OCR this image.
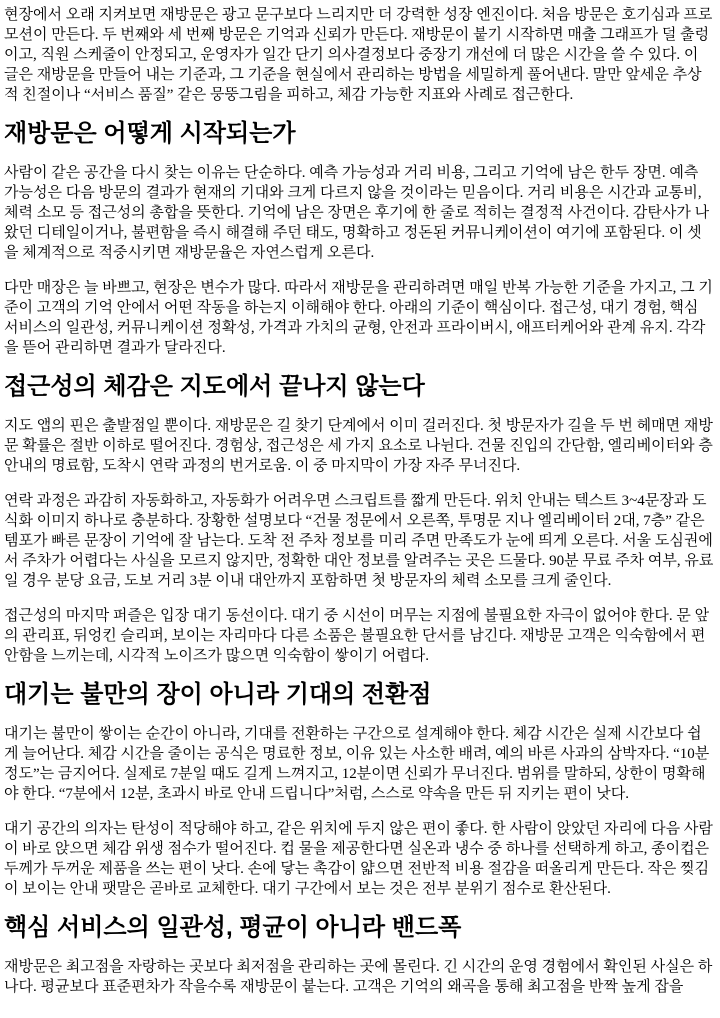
현장에서 오래 지켜보면 재방문은 광고 문구보다 느리지만 더 강력한 성장 엔진이다. 처음 방문은 호기심과 프로모션이 만든다. 두 번째와 세 번째 방문은 기억과 신뢰가 만든다. 재방문이 붙기 시작하면 매출 그래프가 덜 출렁이고, 직원 스케줄이 안정되고, 운영자가 일간 단기 의사결정보다 중장기 개선에 더 많은 시간을 쓸 수 있다. 이 글은 재방문을 만들어 내는 기준과, 그 기준을 현실에서 관리하는 방법을 세밀하게 풀어낸다. 말만 앞세운 추상적 친절이나 “서비스 품질” 같은 뭉뚱그림을 피하고, 체감 가능한 지표와 사례로 접근한다.

재방문은 어떻게 시작되는가

사람이 같은 공간을 다시 찾는 이유는 단순하다. 예측 가능성과 거리 비용, 그리고 기억에 남은 한두 장면. 예측 가능성은 다음 방문의 결과가 현재의 기대와 크게 다르지 않을 것이라는 믿음이다. 거리 비용은 시간과 교통비, 체력 소모 등 접근성의 총합을 뜻한다. 기억에 남은 장면은 후기에 한 줄로 적히는 결정적 사건이다. 감탄사가 나왔던 디테일이거나, 불편함을 즉시 해결해 주던 태도, 명확하고 정돈된 커뮤니케이션이 여기에 포함된다. 이 셋을 체계적으로 적중시키면 재방문율은 자연스럽게 오른다.

다만 매장은 늘 바쁘고, 현장은 변수가 많다. 따라서 재방문을 관리하려면 매일 반복 가능한 기준을 가지고, 그 기준이 고객의 기억 안에서 어떤 작동을 하는지 이해해야 한다. 아래의 기준이 핵심이다. 접근성, 대기 경험, 핵심 서비스의 일관성, 커뮤니케이션 정확성, 가격과 가치의 균형, 안전과 프라이버시, 애프터케어와 관계 유지. 각각을 뜯어 관리하면 결과가 달라진다.

접근성의 체감은 지도에서 끝나지 않는다

지도 앱의 핀은 출발점일 뿐이다. 재방문은 길 찾기 단계에서 이미 걸러진다. 첫 방문자가 길을 두 번 헤매면 재방문 확률은 절반 이하로 떨어진다. 경험상, 접근성은 세 가지 요소로 나뉜다. 건물 진입의 간단함, 엘리베이터와 층 안내의 명료함, 도착시 연락 과정의 번거로움. 이 중 마지막이 가장 자주 무너진다.

연락 과정은 과감히 자동화하고, 자동화가 어려우면 스크립트를 짧게 만든다. 위치 안내는 텍스트 3~4문장과 도식화 이미지 하나로 충분하다. 장황한 설명보다 “건물 정문에서 오른쪽, 투명문 지나 엘리베이터 2대, 7층” 같은 템포가 빠른 문장이 기억에 잘 남는다. 도착 전 주차 정보를 미리 주면 만족도가 눈에 띄게 오른다. 서울 도심권에서 주차가 어렵다는 사실을 모르지 않지만, 정확한 대안 정보를 알려주는 곳은 드물다. 90분 무료 주차 여부, 유료일 경우 분당 요금, 도보 거리 3분 이내 대안까지 포함하면 첫 방문자의 체력 소모를 크게 줄인다.

접근성의 마지막 퍼즐은 입장 대기 동선이다. 대기 중 시선이 머무는 지점에 불필요한 자극이 없어야 한다. 문 앞의 관리표, 뒤엉킨 슬리퍼, 보이는 자리마다 다른 소품은 불필요한 단서를 남긴다. 재방문 고객은 익숙함에서 편안함을 느끼는데, 시각적 노이즈가 많으면 익숙함이 쌓이기 어렵다.

대기는 불만의 장이 아니라 기대의 전환점

대기는 불만이 쌓이는 순간이 아니라, 기대를 전환하는 구간으로 설계해야 한다. 체감 시간은 실제 시간보다 쉽게 늘어난다. 체감 시간을 줄이는 공식은 명료한 정보, 이유 있는 사소한 배려, 예의 바른 사과의 삼박자다. “10분 정도”는 금지어다. 실제로 7분일 때도 길게 느껴지고, 12분이면 신뢰가 무너진다. 범위를 말하되, 상한이 명확해야 한다. “7분에서 12분, 초과시 바로 안내 드립니다”처럼, 스스로 약속을 만든 뒤 지키는 편이 낫다.

대기 공간의 의자는 탄성이 적당해야 하고, 같은 위치에 두지 않은 편이 좋다. 한 사람이 앉았던 자리에 다음 사람이 바로 앉으면 체감 위생 점수가 떨어진다. 컵 물을 제공한다면 실온과 냉수 중 하나를 선택하게 하고, 종이컵은 두께가 두꺼운 제품을 쓰는 편이 낫다. 손에 닿는 촉감이 얇으면 전반적 비용 절감을 떠올리게 만든다. 작은 찢김이 보이는 안내 팻말은 곧바로 교체한다. 대기 구간에서 보는 것은 전부 분위기 점수로 환산된다.

핵심 서비스의 일관성, 평균이 아니라 밴드폭

재방문은 최고점을 자랑하는 곳보다 최저점을 관리하는 곳에 몰린다. 긴 시간의 운영 경험에서 확인된 사실은 하나다. 평균보다 표준편차가 작을수록 재방문이 붙는다. 고객은 기억의 왜곡을 통해 최고점을 반짝 높게 잡을
